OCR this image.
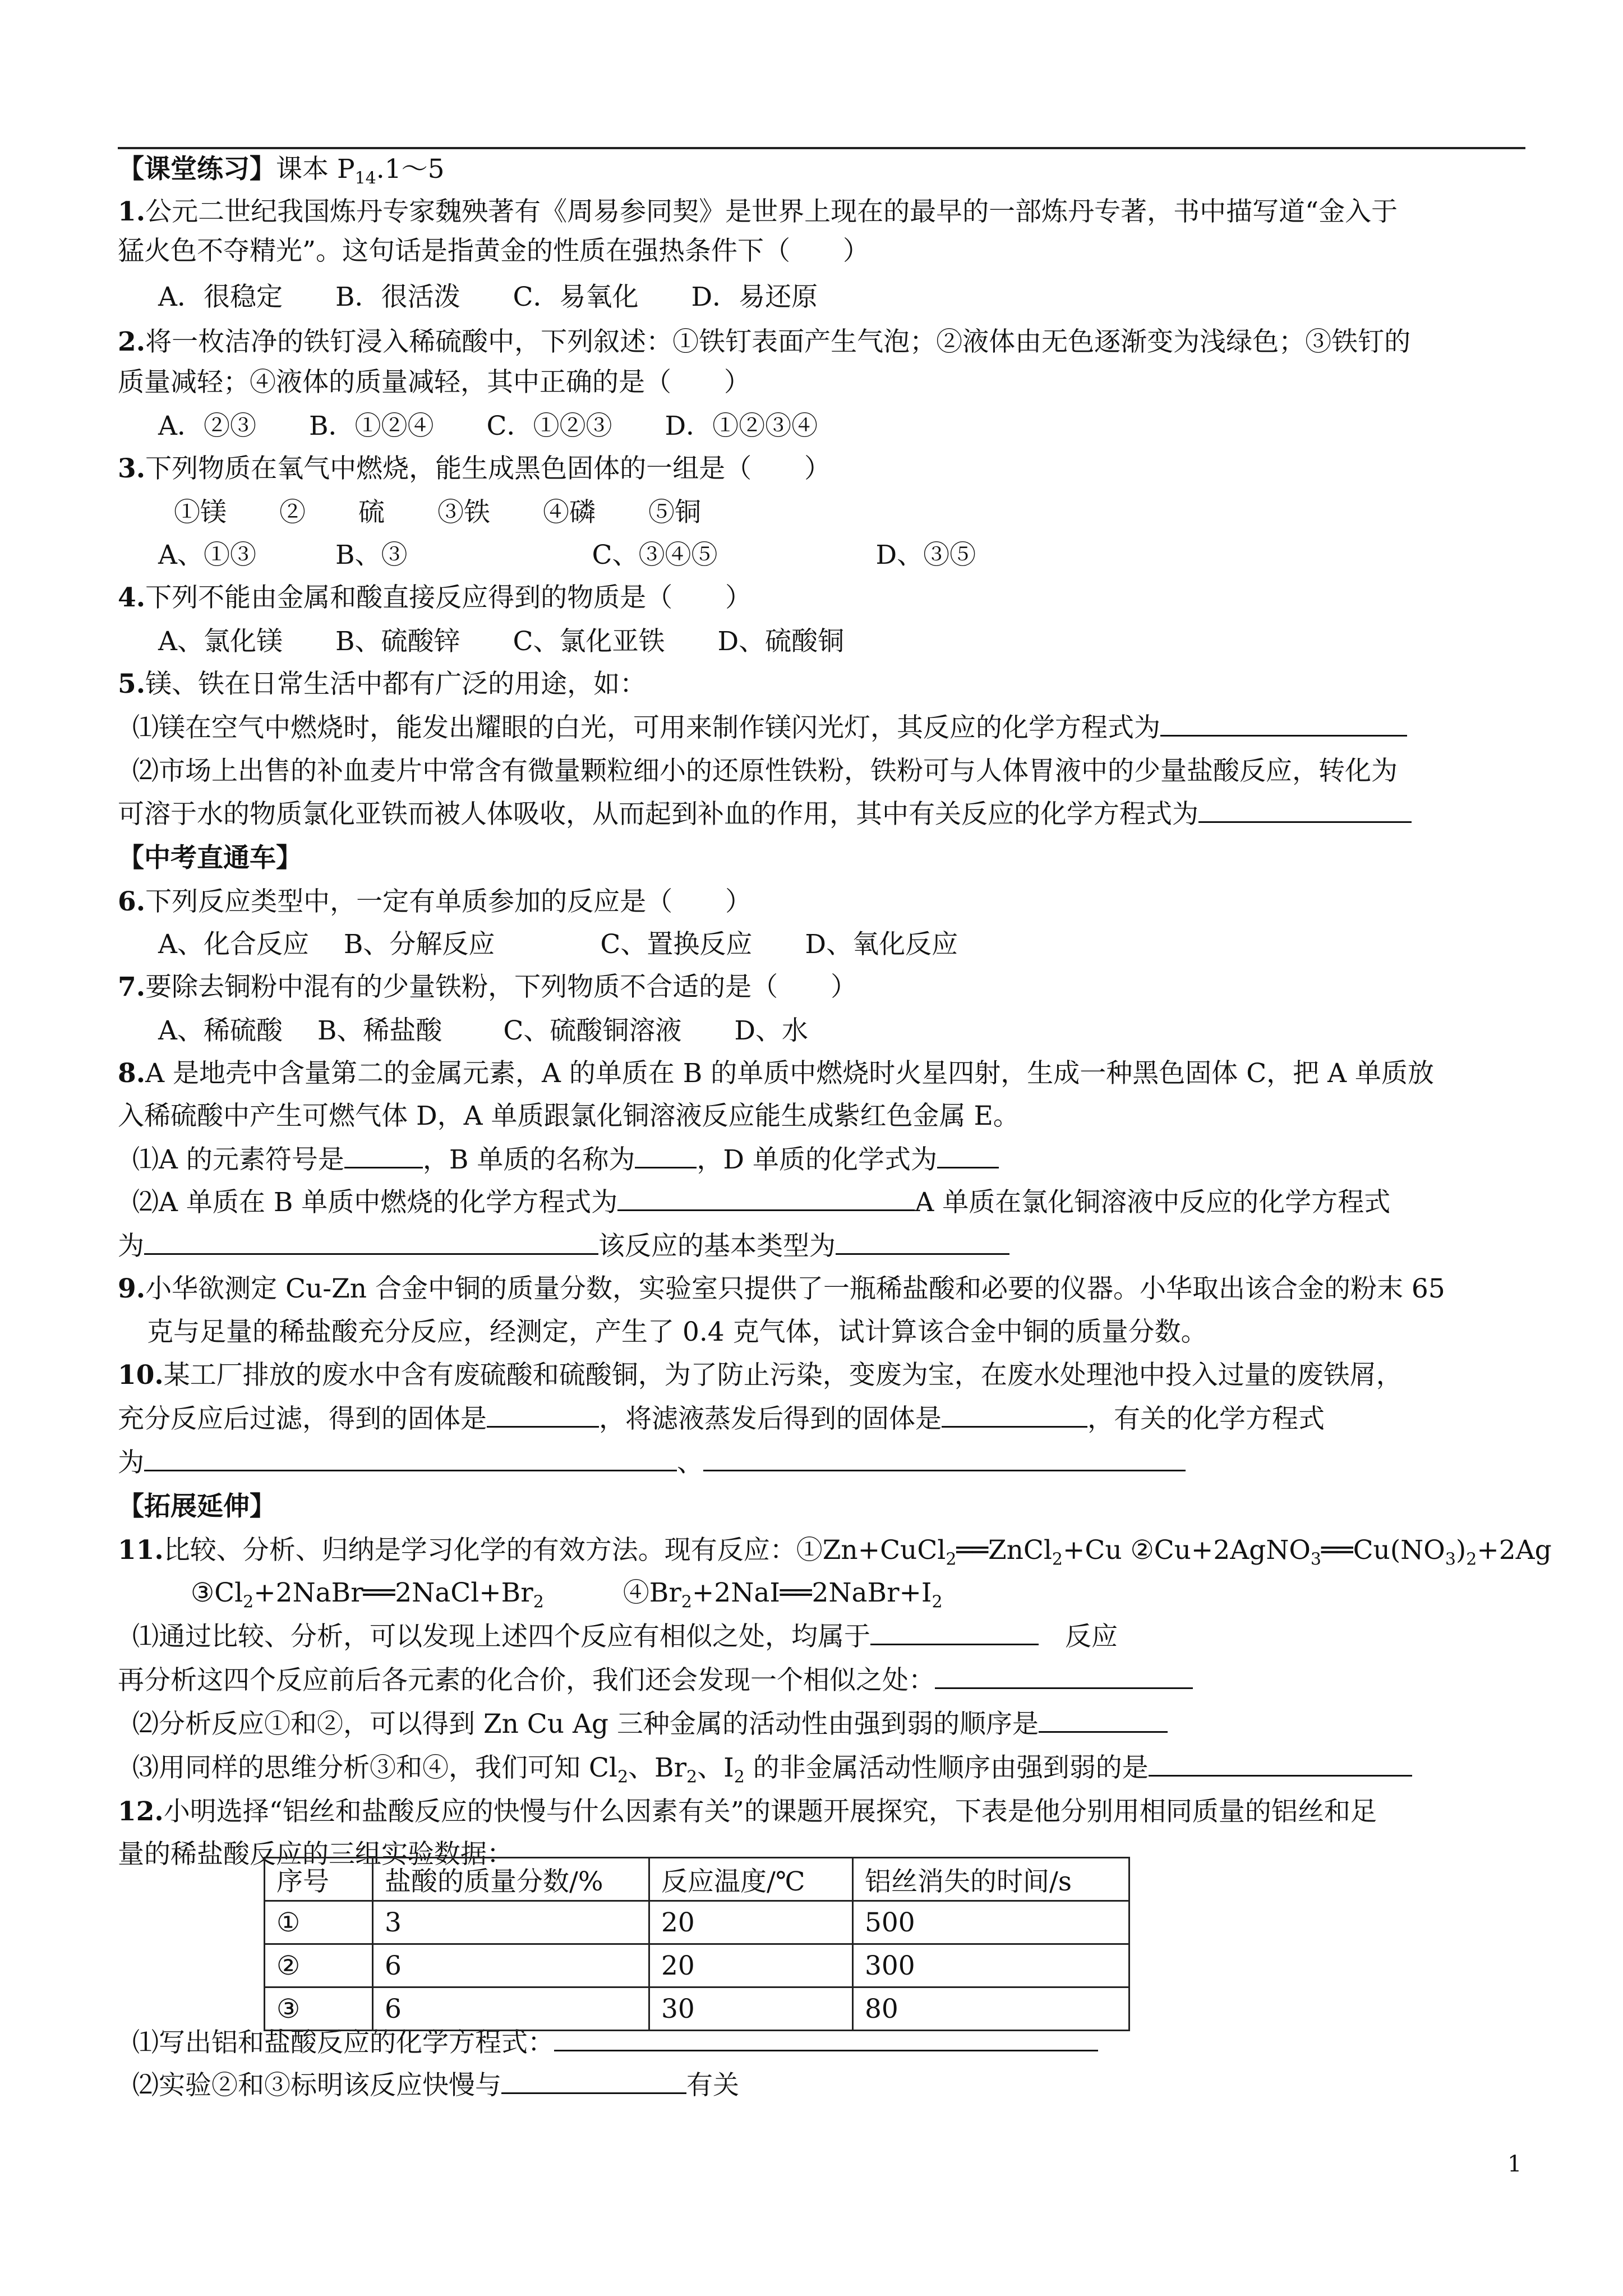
【课堂练习】课本 $P_{14}.1\sim 5$
1.公元二世纪我国炼丹专家魏殃著有《周易参同契》是世界上现在的最早的一部炼丹专著，书中描写道“金入于
猛火色不夺精光”。这句话是指黄金的性质在强热条件下（　　）
A．很稳定　　B．很活泼　　C．易氧化　　D．易还原
2.将一枚洁净的铁钉浸入稀硫酸中，下列叙述：①铁钉表面产生气泡；②液体由无色逐渐变为浅绿色；③铁钉的
质量减轻；④液体的质量减轻，其中正确的是（　　）
A．②③　　B．①②④　　C．①②③　　D．①②③④
3.下列物质在氧气中燃烧，能生成黑色固体的一组是（　　）
①镁　　②　　硫　　③铁　　④磷　　⑤铜
A、①③　　　B、③　　　　　　　C、③④⑤　　　　　　D、③⑤
4.下列不能由金属和酸直接反应得到的物质是（　　）
A、氯化镁　　B、硫酸锌　　C、氯化亚铁　　D、硫酸铜
5.镁、铁在日常生活中都有广泛的用途，如：
⑴镁在空气中燃烧时，能发出耀眼的白光，可用来制作镁闪光灯，其反应的化学方程式为
⑵市场上出售的补血麦片中常含有微量颗粒细小的还原性铁粉，铁粉可与人体胃液中的少量盐酸反应，转化为
可溶于水的物质氯化亚铁而被人体吸收，从而起到补血的作用，其中有关反应的化学方程式为
【中考直通车】
6.下列反应类型中，一定有单质参加的反应是（　　）
A、化合反应　 B、分解反应　　　　C、置换反应　　D、氧化反应
7.要除去铜粉中混有的少量铁粉，下列物质不合适的是（　　）
A、稀硫酸　 B、稀盐酸　　 C、硫酸铜溶液　　D、水
8.A 是地壳中含量第二的金属元素，A 的单质在 B 的单质中燃烧时火星四射，生成一种黑色固体 C，把 A 单质放
入稀硫酸中产生可燃气体 D，A 单质跟氯化铜溶液反应能生成紫红色金属 E。
⑴A 的元素符号是	，B 单质的名称为 ，D 单质的化学式为
⑵A 单质在 B 单质中燃烧的化学方程式为	A 单质在氯化铜溶液中反应的化学方程式
为	该反应的基本类型为
9.小华欲测定 Cu-Zn 合金中铜的质量分数，实验室只提供了一瓶稀盐酸和必要的仪器。小华取出该合金的粉末 65
克与足量的稀盐酸充分反应，经测定，产生了 0.4 克气体，试计算该合金中铜的质量分数。
10.某工厂排放的废水中含有废硫酸和硫酸铜，为了防止污染，变废为宝，在废水处理池中投入过量的废铁屑，
充分反应后过滤，得到的固体是	，将滤液蒸发后得到的固体是	，有关的化学方程式
为	、
【拓展延伸】
11.比较、分析、归纳是学习化学的有效方法。现有反应：①Zn+CuCl$_2$══ZnCl$_2$+Cu $②Cu+2AgNO_3══Cu(NO_3)_2+2Ag$
$③Cl_2+2NaBr══2NaCl+Br_2$　　　$④Br_2+2NaI══2NaBr+I_2$
⑴通过比较、分析，可以发现上述四个反应有相似之处，均属于	　反应
再分析这四个反应前后各元素的化合价，我们还会发现一个相似之处：
⑵分析反应①和②，可以得到 Zn Cu Ag 三种金属的活动性由强到弱的顺序是
⑶用同样的思维分析③和④，我们可知 $Cl_2$、$Br_2$、$I_2$ 的非金属活动性顺序由强到弱的是
12.小明选择“铝丝和盐酸反应的快慢与什么因素有关”的课题开展探究，下表是他分别用相同质量的铝丝和足
量的稀盐酸反应的三组实验数据：
⑴写出铝和盐酸反应的化学方程式：
⑵实验②和③标明该反应快慢与	有关
序号	盐酸的质量分数/%	反应温度/℃	铝丝消失的时间/s
①	3	20	500
②	6	20	300
③	6	30	80
1
